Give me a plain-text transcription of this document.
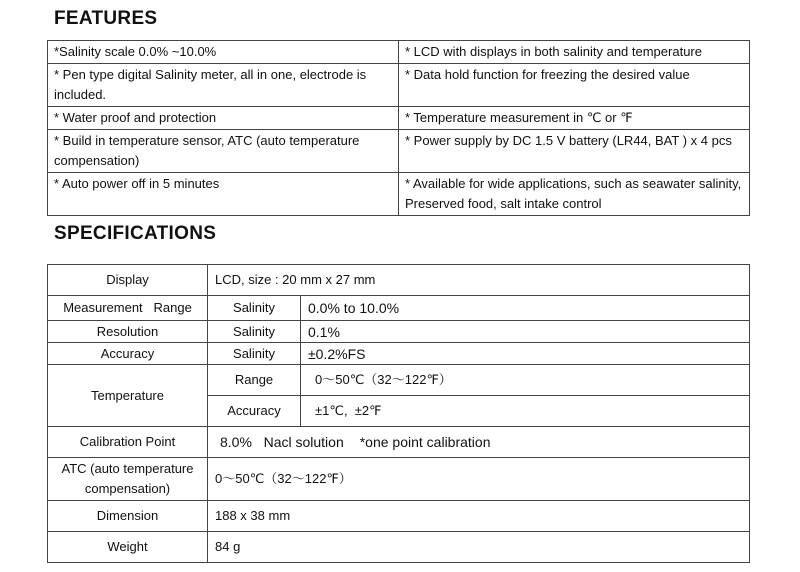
FEATURES
*Salinity scale 0.0% ~10.0%	* LCD with displays in both salinity and temperature
* Pen type digital Salinity meter, all in one, electrode is included.	* Data hold function for freezing the desired value
* Water proof and protection	* Temperature measurement in ℃ or ℉
* Build in temperature sensor, ATC (auto temperature compensation)	* Power supply by DC 1.5 V battery (LR44, BAT ) x 4 pcs
* Auto power off in 5 minutes	* Available for wide applications, such as seawater salinity, Preserved food, salt intake control
SPECIFICATIONS
Display	LCD, size : 20 mm x 27 mm	
Measurement   Range	Salinity	0.0% to 10.0%
Resolution	Salinity	0.1%
Accuracy	Salinity	±0.2%FS
Temperature	Range	0～50℃（32～122℉）
	Accuracy	±1℃,  ±2℉
Calibration Point	8.0%   Nacl solution *one point calibration	
ATC (auto temperature compensation)	0～50℃（32～122℉）	
Dimension	188 x 38 mm	
Weight	84 g	
